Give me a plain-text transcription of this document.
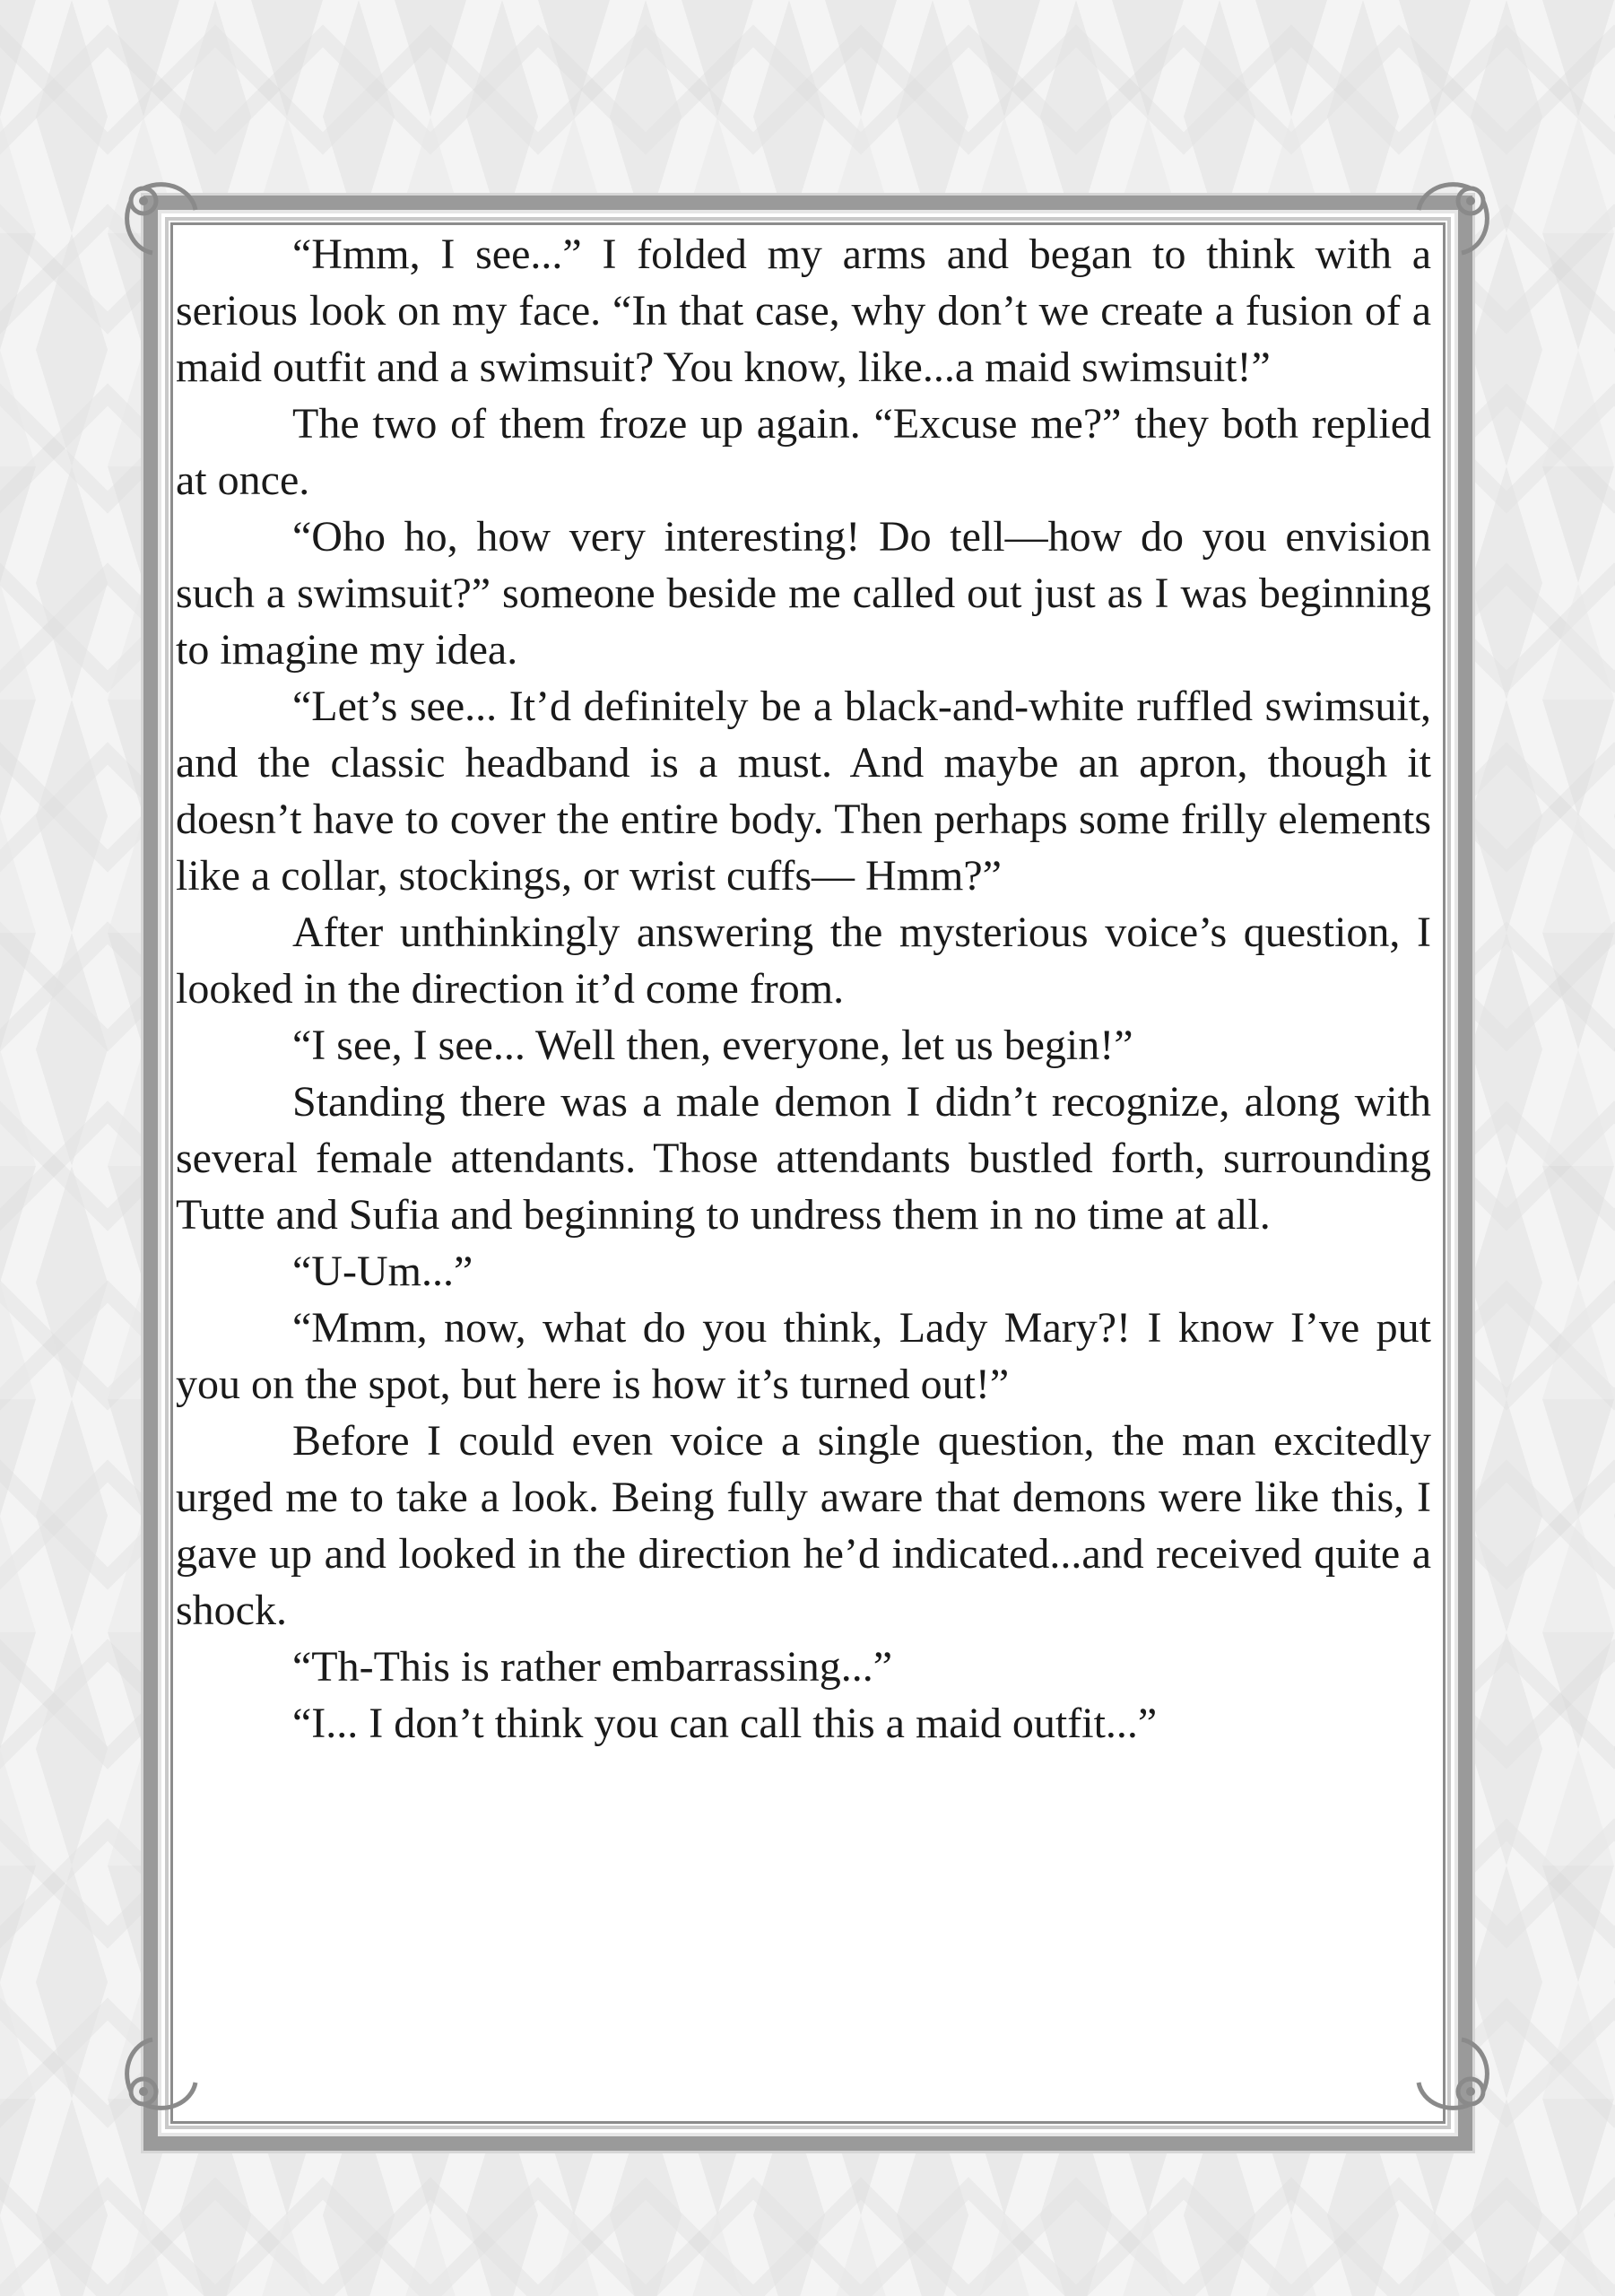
“Hmm, I see...” I folded my arms and began to think with a serious look on my face. “In that case, why don’t we create a fusion of a maid outfit and a swimsuit? You know, like...a maid swimsuit!”

The two of them froze up again. “Excuse me?” they both replied at once.

“Oho ho, how very interesting! Do tell—how do you envision such a swimsuit?” someone beside me called out just as I was beginning to imagine my idea.

“Let’s see... It’d definitely be a black-and-white ruffled swimsuit, and the classic headband is a must. And maybe an apron, though it doesn’t have to cover the entire body. Then perhaps some frilly elements like a collar, stockings, or wrist cuffs— Hmm?”

After unthinkingly answering the mysterious voice’s question, I looked in the direction it’d come from.

“I see, I see... Well then, everyone, let us begin!”

Standing there was a male demon I didn’t recognize, along with several female attendants. Those attendants bustled forth, surrounding Tutte and Sufia and beginning to undress them in no time at all.

“U-Um...”

“Mmm, now, what do you think, Lady Mary?! I know I’ve put you on the spot, but here is how it’s turned out!”

Before I could even voice a single question, the man excitedly urged me to take a look. Being fully aware that demons were like this, I gave up and looked in the direction he’d indicated...and received quite a shock.

“Th-This is rather embarrassing...”

“I... I don’t think you can call this a maid outfit...”
